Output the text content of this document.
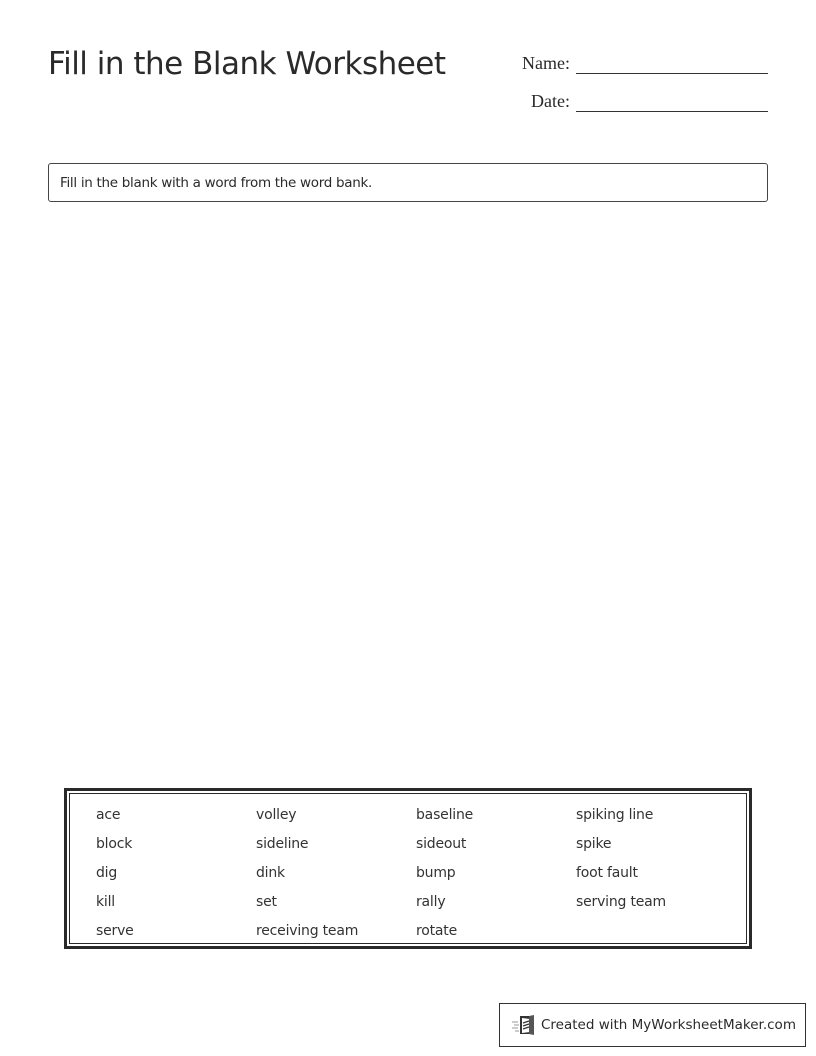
Fill in the Blank Worksheet	Name:
Date:
Fill in the blank with a word from the word bank.
ace	volley	baseline	spiking line
block	sideline	sideout	spike
dig	dink	bump	foot fault
kill	set	rally	serving team
serve	receiving team	rotate
Created with MyWorksheetMaker.com
